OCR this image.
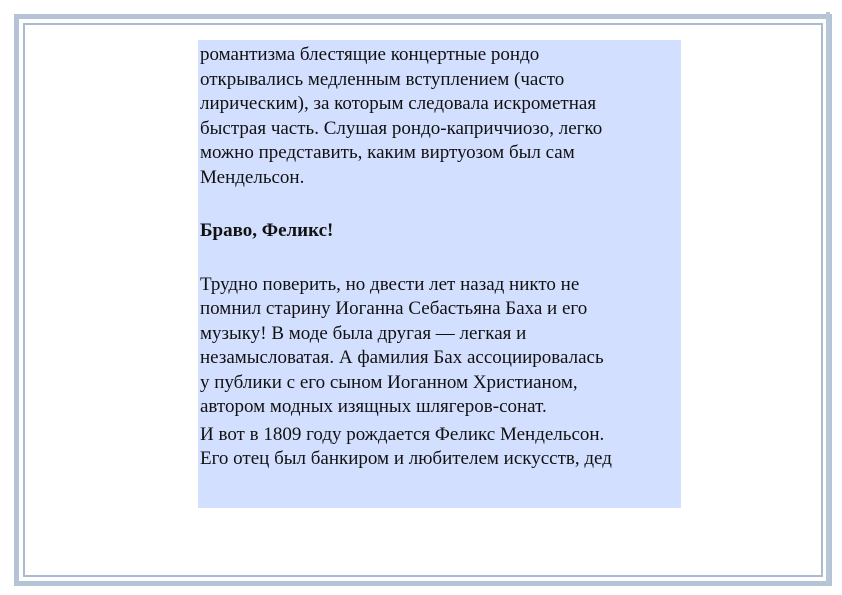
романтизма блестящие концертные рондо
открывались медленным вступлением (часто
лирическим), за которым следовала искрометная
быстрая часть. Слушая рондо-каприччиозо, легко
можно представить, каким виртуозом был сам
Мендельсон.

Браво, Феликс!

Трудно поверить, но двести лет назад никто не
помнил старину Иоганна Себастьяна Баха и его
музыку! В моде была другая — легкая и
незамысловатая. А фамилия Бах ассоциировалась
у публики с его сыном Иоганном Христианом,
автором модных изящных шлягеров-сонат.

И вот в 1809 году рождается Феликс Мендельсон.
Его отец был банкиром и любителем искусств, дед
